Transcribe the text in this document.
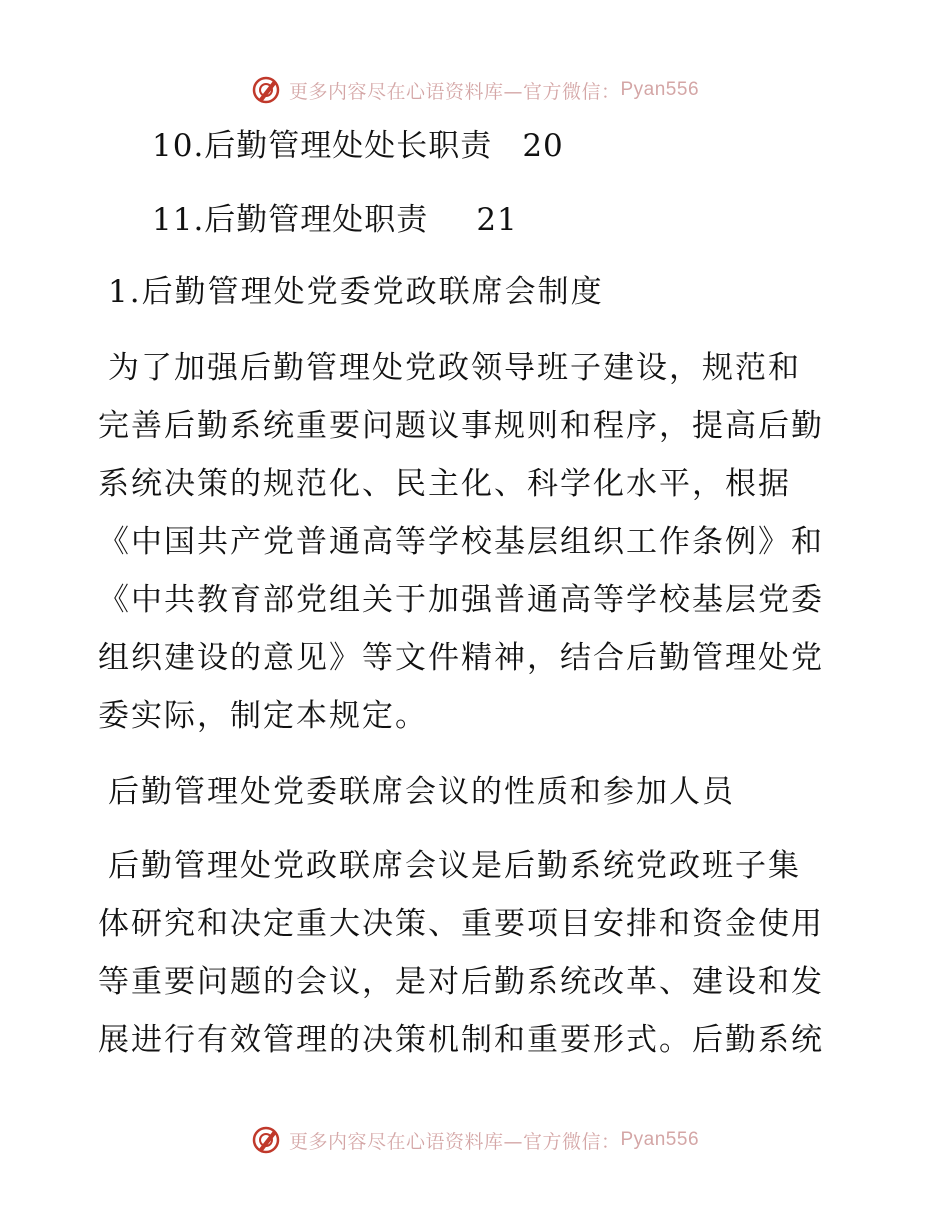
更多内容尽在心语资料库—官方微信： Pyan556
10.后勤管理处处长职责 20
11.后勤管理处职责 21
1.后勤管理处党委党政联席会制度
为了加强后勤管理处党政领导班子建设，规范和
完善后勤系统重要问题议事规则和程序，提高后勤
系统决策的规范化、民主化、科学化水平，根据
《中国共产党普通高等学校基层组织工作条例》和
《中共教育部党组关于加强普通高等学校基层党委
组织建设的意见》等文件精神，结合后勤管理处党
委实际，制定本规定。
后勤管理处党委联席会议的性质和参加人员
后勤管理处党政联席会议是后勤系统党政班子集
体研究和决定重大决策、重要项目安排和资金使用
等重要问题的会议，是对后勤系统改革、建设和发
展进行有效管理的决策机制和重要形式。后勤系统
更多内容尽在心语资料库—官方微信： Pyan556
